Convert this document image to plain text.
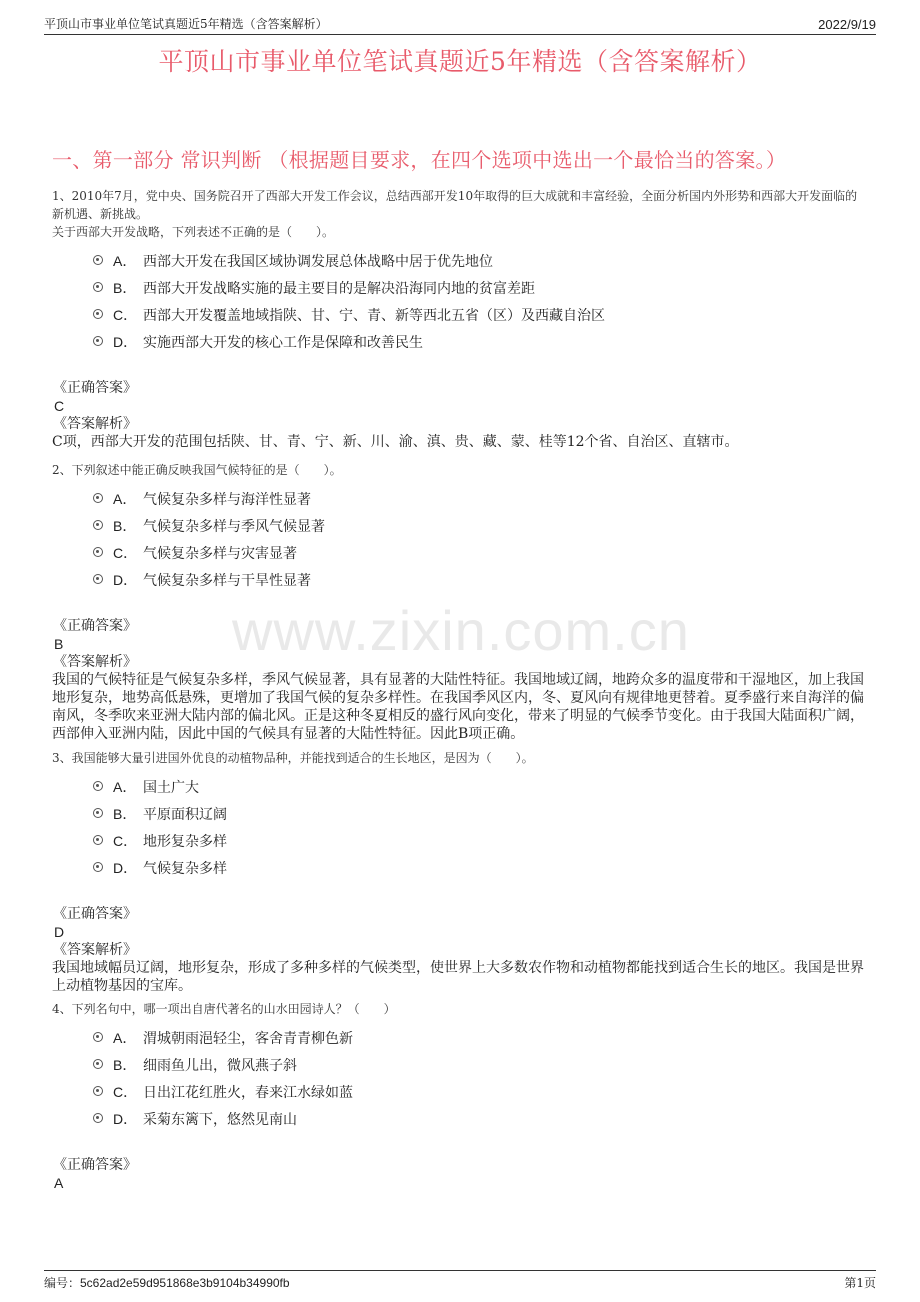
平顶山市事业单位笔试真题近5年精选（含答案解析）	2022/9/19
平顶山市事业单位笔试真题近5年精选（含答案解析）
一、第一部分 常识判断 （根据题目要求，在四个选项中选出一个最恰当的答案。）
www.zixin.com.cn
1、2010年7月，党中央、国务院召开了西部大开发工作会议，总结西部开发10年取得的巨大成就和丰富经验，全面分析国内外形势和西部大开发面临的新机遇、新挑战。
关于西部大开发战略，下列表述不正确的是（　　）。
A． 西部大开发在我国区域协调发展总体战略中居于优先地位
B． 西部大开发战略实施的最主要目的是解决沿海同内地的贫富差距
C． 西部大开发覆盖地域指陕、甘、宁、青、新等西北五省（区）及西藏自治区
D． 实施西部大开发的核心工作是保障和改善民生
《正确答案》
C
《答案解析》
C项，西部大开发的范围包括陕、甘、青、宁、新、川、渝、滇、贵、藏、蒙、桂等12个省、自治区、直辖市。
2、下列叙述中能正确反映我国气候特征的是（　　）。
A． 气候复杂多样与海洋性显著
B． 气候复杂多样与季风气候显著
C． 气候复杂多样与灾害显著
D． 气候复杂多样与干旱性显著
《正确答案》
B
《答案解析》
我国的气候特征是气候复杂多样，季风气候显著，具有显著的大陆性特征。我国地域辽阔，地跨众多的温度带和干湿地区，加上我国地形复杂，地势高低悬殊，更增加了我国气候的复杂多样性。在我国季风区内，冬、夏风向有规律地更替着。夏季盛行来自海洋的偏南风，冬季吹来亚洲大陆内部的偏北风。正是这种冬夏相反的盛行风向变化，带来了明显的气候季节变化。由于我国大陆面积广阔，西部伸入亚洲内陆，因此中国的气候具有显著的大陆性特征。因此B项正确。
3、我国能够大量引进国外优良的动植物品种，并能找到适合的生长地区，是因为（　　）。
A． 国土广大
B． 平原面积辽阔
C． 地形复杂多样
D． 气候复杂多样
《正确答案》
D
《答案解析》
我国地域幅员辽阔，地形复杂，形成了多种多样的气候类型，使世界上大多数农作物和动植物都能找到适合生长的地区。我国是世界上动植物基因的宝库。
4、下列名句中，哪一项出自唐代著名的山水田园诗人？（　　）
A． 渭城朝雨浥轻尘，客舍青青柳色新
B． 细雨鱼儿出，微风燕子斜
C． 日出江花红胜火，春来江水绿如蓝
D． 采菊东篱下，悠然见南山
《正确答案》
A
编号：5c62ad2e59d951868e3b9104b34990fb	第1页
